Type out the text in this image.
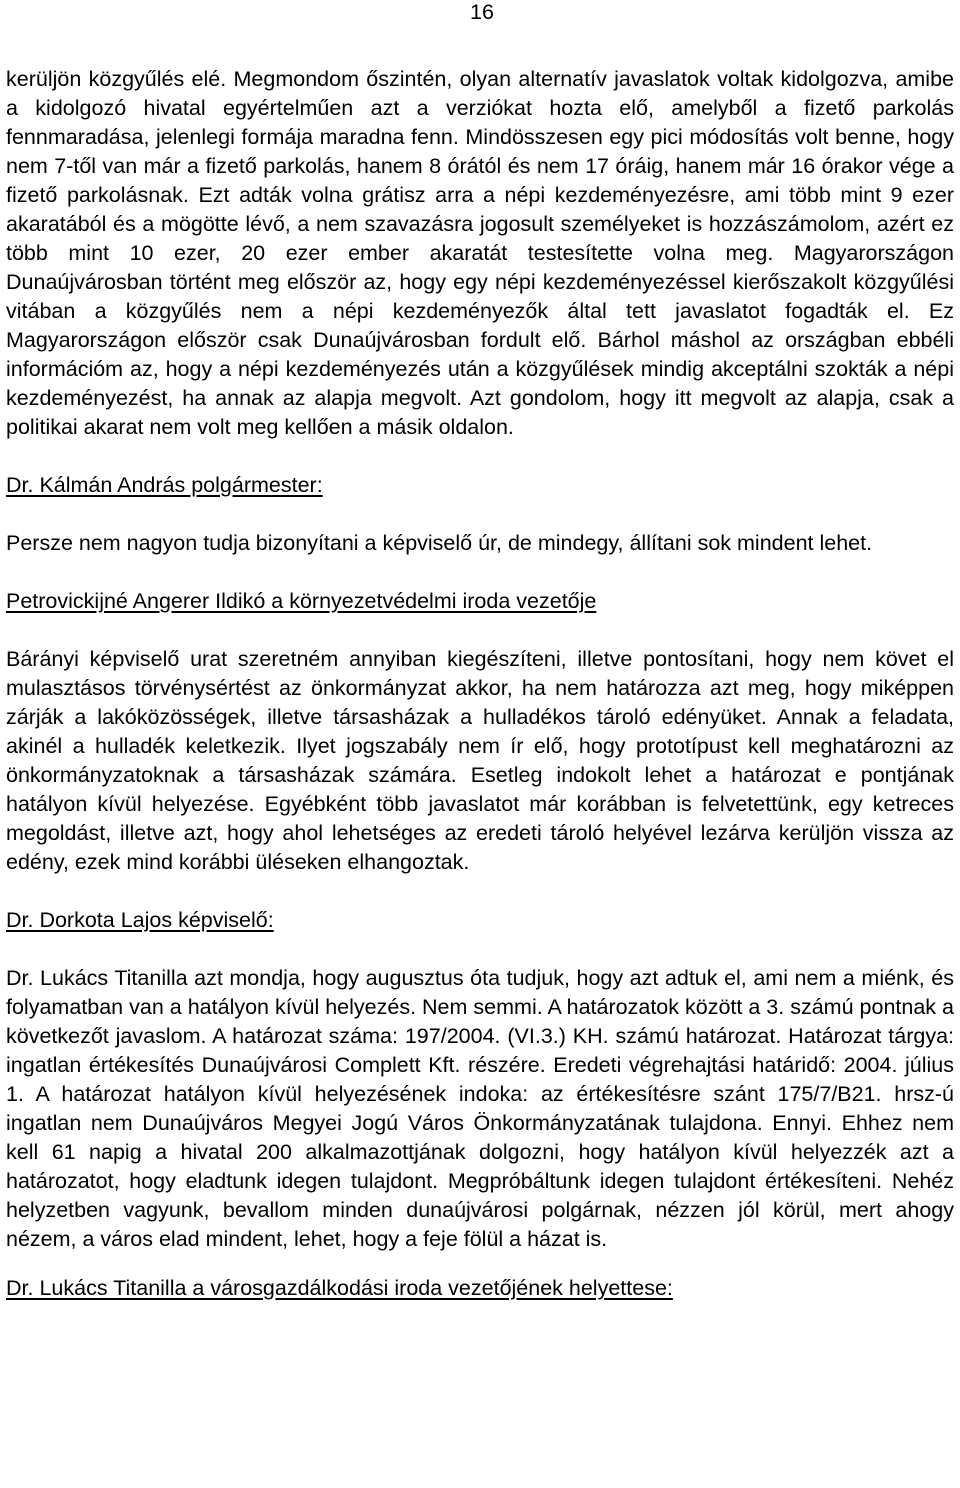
16

kerüljön közgyűlés elé. Megmondom őszintén, olyan alternatív javaslatok voltak kidolgozva, amibe a kidolgozó hivatal egyértelműen azt a verziókat hozta elő, amelyből a fizető parkolás fennmaradása, jelenlegi formája maradna fenn. Mindösszesen egy pici módosítás volt benne, hogy nem 7-től van már a fizető parkolás, hanem 8 órától és nem 17 óráig, hanem már 16 órakor vége a fizető parkolásnak. Ezt adták volna grátisz arra a népi kezdeményezésre, ami több mint 9 ezer akaratából és a mögötte lévő, a nem szavazásra jogosult személyeket is hozzászámolom, azért ez több mint 10 ezer, 20 ezer ember akaratát testesítette volna meg. Magyarországon Dunaújvárosban történt meg először az, hogy egy népi kezdeményezéssel kierőszakolt közgyűlési vitában a közgyűlés nem a népi kezdeményezők által tett javaslatot fogadták el. Ez Magyarországon először csak Dunaújvárosban fordult elő. Bárhol máshol az országban ebbéli információm az, hogy a népi kezdeményezés után a közgyűlések mindig akceptálni szokták a népi kezdeményezést, ha annak az alapja megvolt. Azt gondolom, hogy itt megvolt az alapja, csak a politikai akarat nem volt meg kellően a másik oldalon.

Dr. Kálmán András polgármester:

Persze nem nagyon tudja bizonyítani a képviselő úr, de mindegy, állítani sok mindent lehet.

Petrovickijné Angerer Ildikó a környezetvédelmi iroda vezetője

Bárányi képviselő urat szeretném annyiban kiegészíteni, illetve pontosítani, hogy nem követ el mulasztásos törvénysértést az önkormányzat akkor, ha nem határozza azt meg, hogy miképpen zárják a lakóközösségek, illetve társasházak a hulladékos tároló edényüket. Annak a feladata, akinél a hulladék keletkezik. Ilyet jogszabály nem ír elő, hogy prototípust kell meghatározni az önkormányzatoknak a társasházak számára. Esetleg indokolt lehet a határozat e pontjának hatályon kívül helyezése. Egyébként több javaslatot már korábban is felvetettünk, egy ketreces megoldást, illetve azt, hogy ahol lehetséges az eredeti tároló helyével lezárva kerüljön vissza az edény, ezek mind korábbi üléseken elhangoztak.

Dr. Dorkota Lajos képviselő:

Dr. Lukács Titanilla azt mondja, hogy augusztus óta tudjuk, hogy azt adtuk el, ami nem a miénk, és folyamatban van a hatályon kívül helyezés. Nem semmi. A határozatok között a 3. számú pontnak a következőt javaslom. A határozat száma: 197/2004. (VI.3.) KH. számú határozat. Határozat tárgya: ingatlan értékesítés Dunaújvárosi Complett Kft. részére. Eredeti végrehajtási határidő: 2004. július 1. A határozat hatályon kívül helyezésének indoka: az értékesítésre szánt 175/7/B21. hrsz-ú ingatlan nem Dunaújváros Megyei Jogú Város Önkormányzatának tulajdona. Ennyi. Ehhez nem kell 61 napig a hivatal 200 alkalmazottjának dolgozni, hogy hatályon kívül helyezzék azt a határozatot, hogy eladtunk idegen tulajdont. Megpróbáltunk idegen tulajdont értékesíteni. Nehéz helyzetben vagyunk, bevallom minden dunaújvárosi polgárnak, nézzen jól körül, mert ahogy nézem, a város elad mindent, lehet, hogy a feje fölül a házat is.

Dr. Lukács Titanilla a városgazdálkodási iroda vezetőjének helyettese:
